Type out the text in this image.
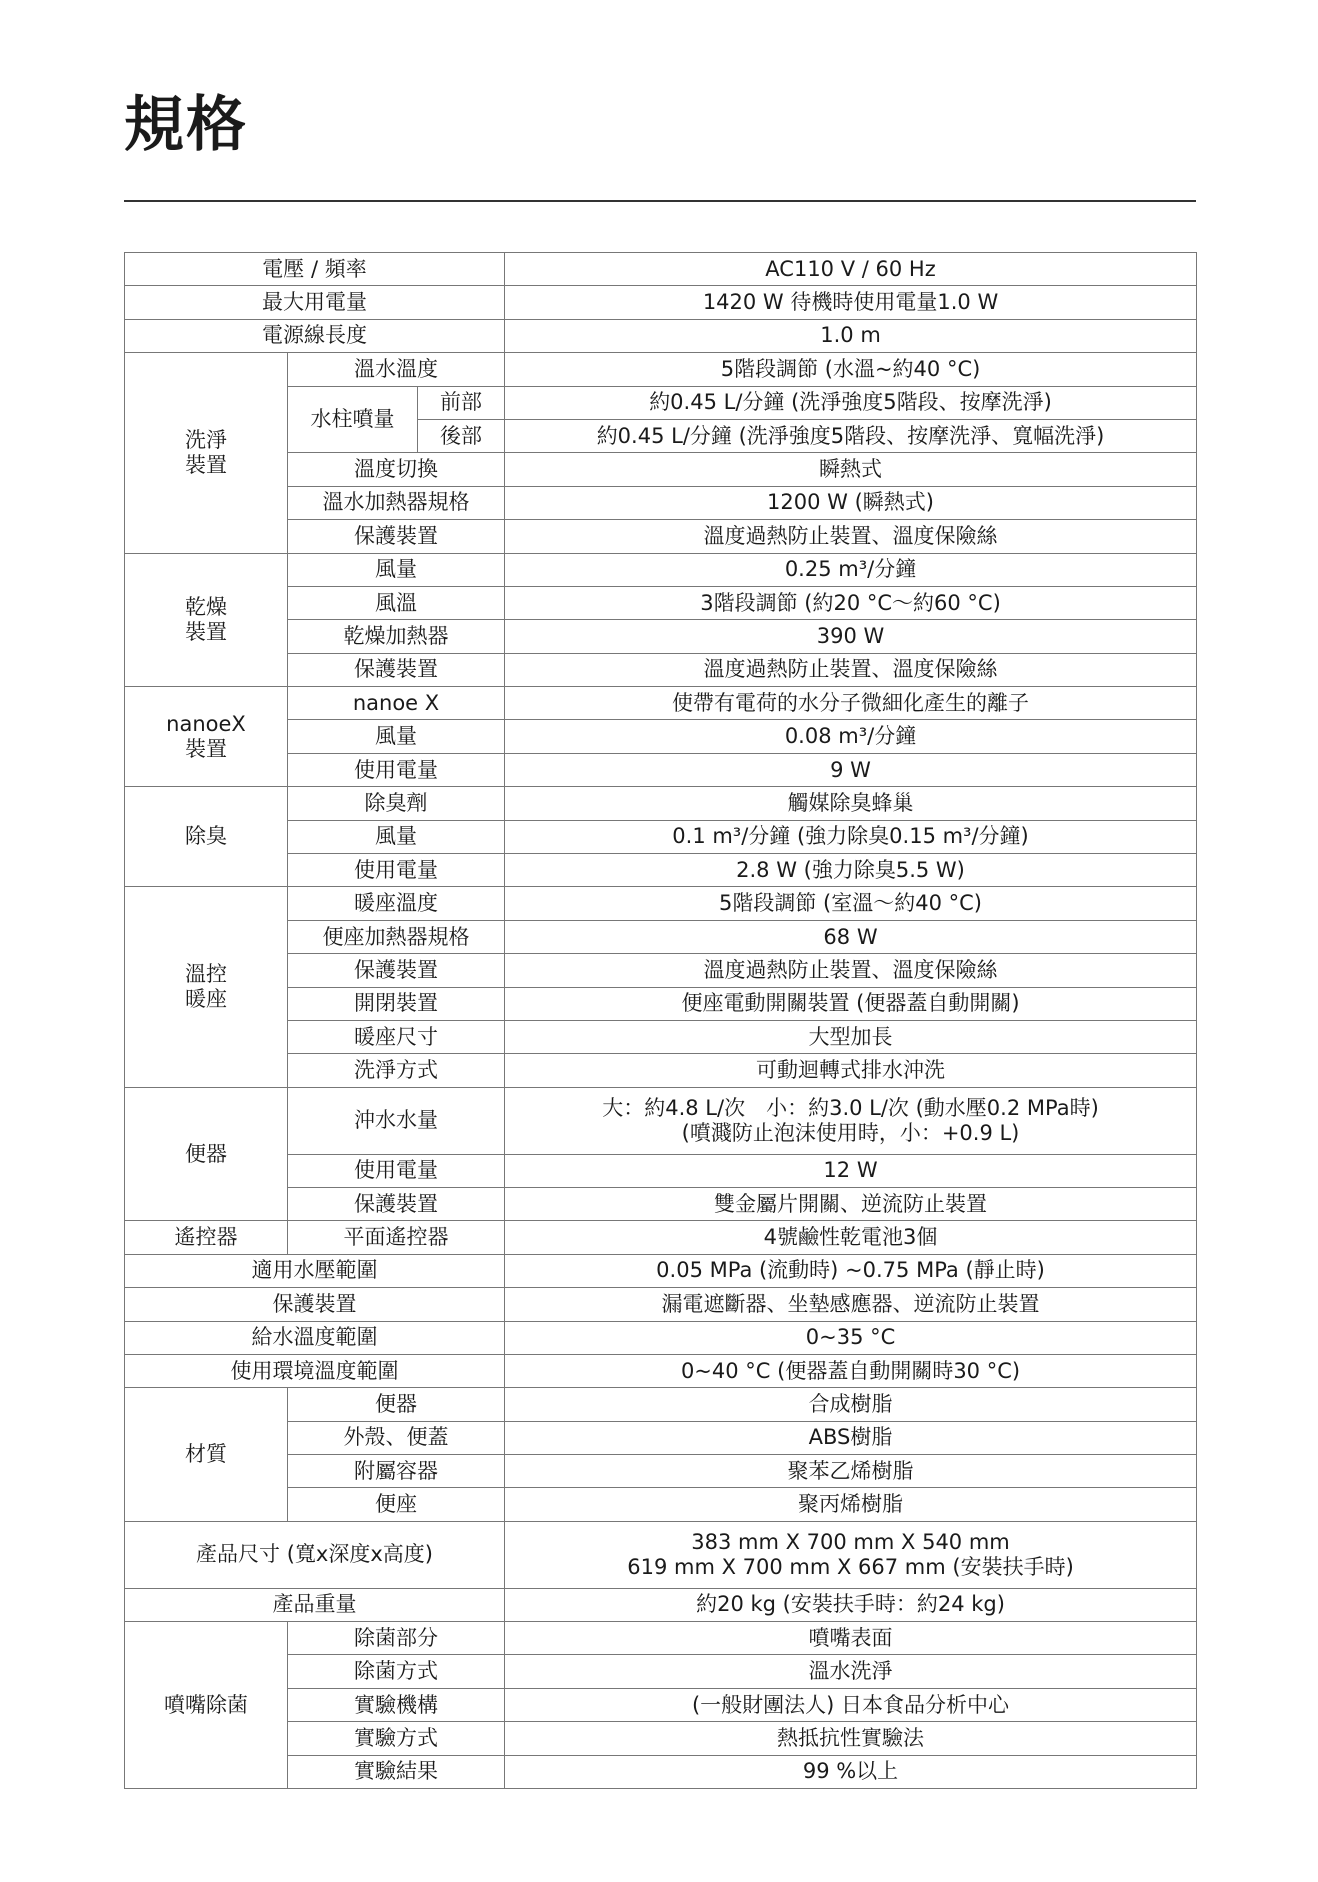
規格
電壓 / 頻率			AC110 V / 60 Hz
最大用電量			1420 W 待機時使用電量1.0 W
電源線長度			1.0 m

洗淨
裝置	溫水溫度		5階段調節 (水溫~約40 °C)
	水柱噴量	前部	約0.45 L/分鐘 (洗淨強度5階段、按摩洗淨)
		後部	約0.45 L/分鐘 (洗淨強度5階段、按摩洗淨、寬幅洗淨)
	溫度切換		瞬熱式
	溫水加熱器規格		1200 W (瞬熱式)
	保護裝置		溫度過熱防止裝置、溫度保險絲

乾燥
裝置	風量		0.25 m³/分鐘
	風溫		3階段調節 (約20 °C～約60 °C)
	乾燥加熱器		390 W
	保護裝置		溫度過熱防止裝置、溫度保險絲

nanoeX
裝置	nanoe X		使帶有電荷的水分子微細化產生的離子
	風量		0.08 m³/分鐘
	使用電量		9 W
除臭	除臭劑		觸媒除臭蜂巢
	風量		0.1 m³/分鐘 (強力除臭0.15 m³/分鐘)
	使用電量		2.8 W (強力除臭5.5 W)

溫控
暖座	暖座溫度		5階段調節 (室溫～約40 °C)
	便座加熱器規格		68 W
	保護裝置		溫度過熱防止裝置、溫度保險絲
	開閉裝置		便座電動開關裝置 (便器蓋自動開關)
	暖座尺寸		大型加長
	洗淨方式		可動迴轉式排水沖洗
便器	沖水水量		大：約4.8 L/次　小：約3.0 L/次 (動水壓0.2 MPa時)
(噴濺防止泡沫使用時，小：+0.9 L)

	使用電量		12 W
	保護裝置		雙金屬片開關、逆流防止裝置
遙控器	平面遙控器		4號鹼性乾電池3個
適用水壓範圍			0.05 MPa (流動時) ~0.75 MPa (靜止時)
保護裝置			漏電遮斷器、坐墊感應器、逆流防止裝置
給水溫度範圍			0~35 °C
使用環境溫度範圍			0~40 °C (便器蓋自動開關時30 °C)
材質	便器		合成樹脂
	外殼、便蓋		ABS樹脂
	附屬容器		聚苯乙烯樹脂
	便座		聚丙烯樹脂
產品尺寸 (寬x深度x高度)			383 mm X 700 mm X 540 mm
619 mm X 700 mm X 667 mm (安裝扶手時)

產品重量			約20 kg (安裝扶手時：約24 kg)
噴嘴除菌	除菌部分		噴嘴表面
	除菌方式		溫水洗淨
	實驗機構		(一般財團法人) 日本食品分析中心
	實驗方式		熱抵抗性實驗法
	實驗結果		99 %以上
